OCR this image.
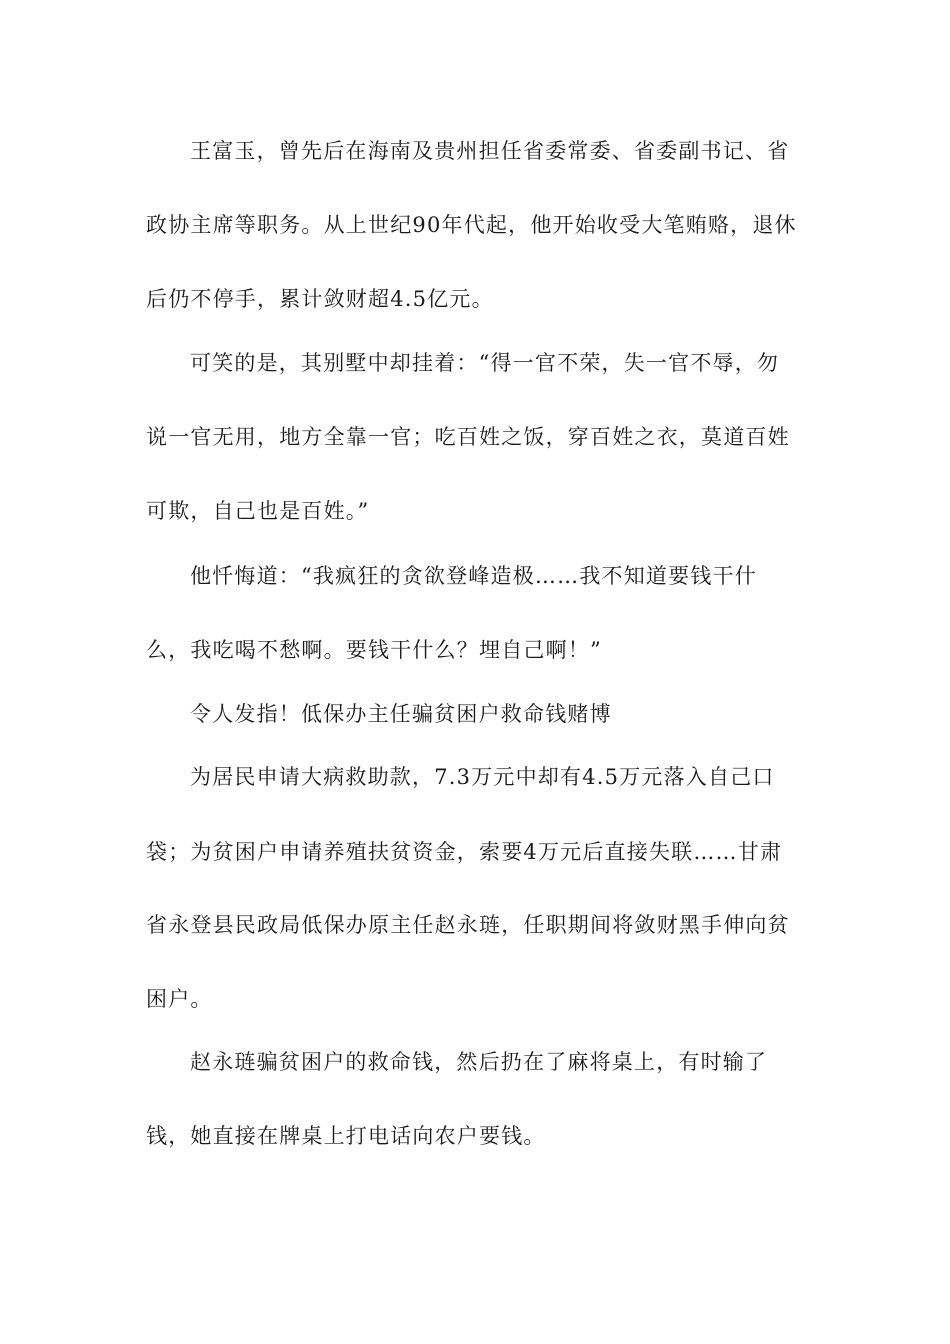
王富玉，曾先后在海南及贵州担任省委常委、省委副书记、省
政协主席等职务。从上世纪90年代起，他开始收受大笔贿赂，退休
后仍不停手，累计敛财超4.5亿元。
可笑的是，其别墅中却挂着：“得一官不荣，失一官不辱，勿
说一官无用，地方全靠一官；吃百姓之饭，穿百姓之衣，莫道百姓
可欺，自己也是百姓。”
他忏悔道：“我疯狂的贪欲登峰造极……我不知道要钱干什
么，我吃喝不愁啊。要钱干什么？埋自己啊！”
令人发指！低保办主任骗贫困户救命钱赌博
为居民申请大病救助款，7.3万元中却有4.5万元落入自己口
袋；为贫困户申请养殖扶贫资金，索要4万元后直接失联……甘肃
省永登县民政局低保办原主任赵永琏，任职期间将敛财黑手伸向贫
困户。
赵永琏骗贫困户的救命钱，然后扔在了麻将桌上，有时输了
钱，她直接在牌桌上打电话向农户要钱。
